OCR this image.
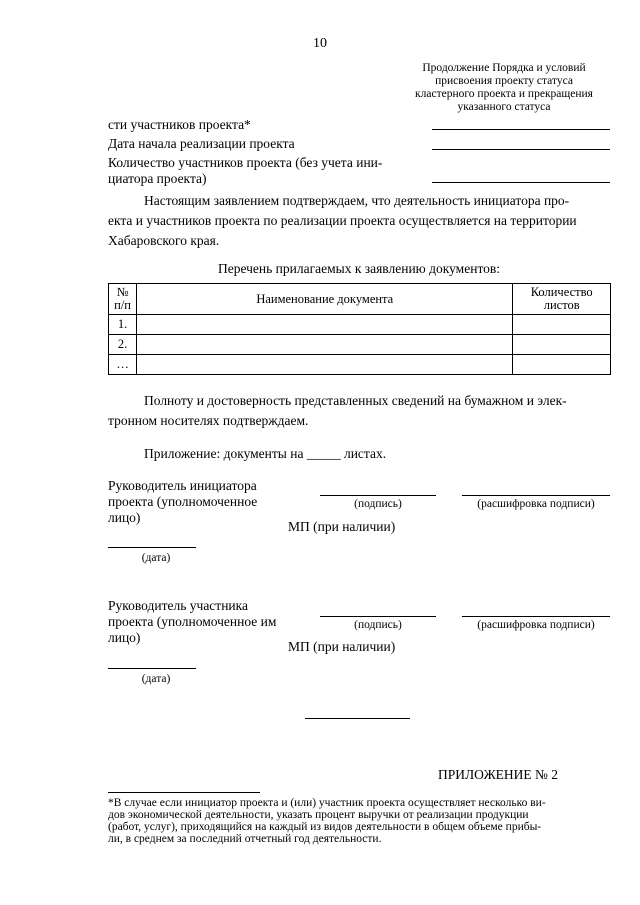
10
Продолжение Порядка и условий
присвоения проекту статуса
кластерного проекта и прекращения
указанного статуса
сти участников проекта*
Дата начала реализации проекта
Количество участников проекта (без учета ини-
циатора проекта)
Настоящим заявлением подтверждаем, что деятельность инициатора про-
екта и участников проекта по реализации проекта осуществляется на территории
Хабаровского края.
Перечень прилагаемых к заявлению документов:
№ п/п	Наименование документа	Количество листов

1.		
2.		
…		
Полноту и достоверность представленных сведений на бумажном и элек-
тронном носителях подтверждаем.
Приложение: документы на _____ листах.
Руководитель инициатора
проекта (уполномоченное
лицо)
(подпись)	(расшифровка подписи)
МП (при наличии)
(дата)
Руководитель участника
проекта (уполномоченное им
лицо)
(подпись)	(расшифровка подписи)
МП (при наличии)
(дата)
ПРИЛОЖЕНИЕ № 2
*В случае если инициатор проекта и (или) участник проекта осуществляет несколько ви-
дов экономической деятельности, указать процент выручки от реализации продукции
(работ, услуг), приходящийся на каждый из видов деятельности в общем объеме прибы-
ли, в среднем за последний отчетный год деятельности.
